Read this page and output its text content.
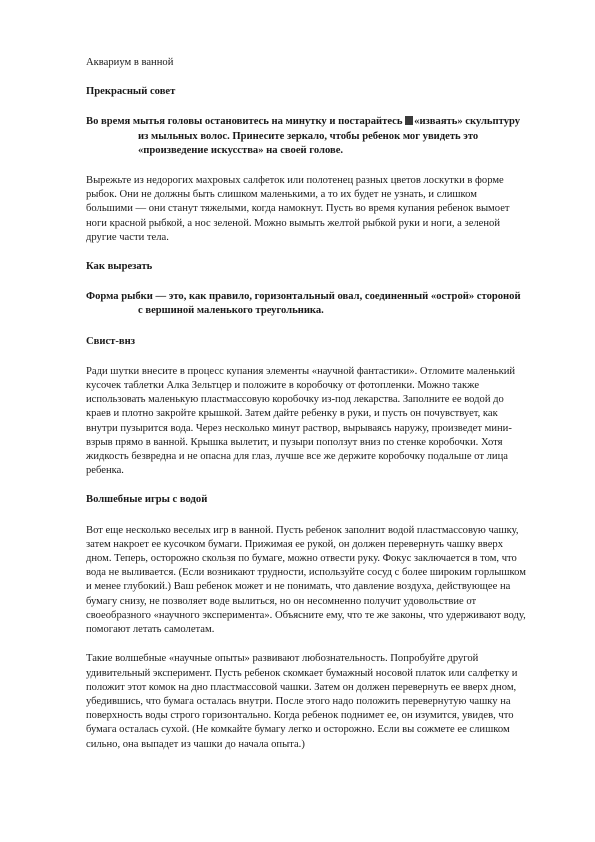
Аквариум в ванной
Прекрасный совет
Во время мытья головы остановитесь на минутку и постарайтесь «изваять» скульптуру из мыльных волос. Принесите зеркало, чтобы ребенок мог увидеть это «произведение искусства» на своей голове.
Вырежьте из недорогих махровых салфеток или полотенец разных цветов лоскутки в форме рыбок. Они не должны быть слишком маленькими, а то их будет не узнать, и слишком большими — они станут тяжелыми, когда намокнут. Пусть во время купания ребенок вымоет ноги красной рыбкой, а нос зеленой. Можно вымыть желтой рыбкой руки и ноги, а зеленой другие части тела.
Как вырезать
Форма рыбки — это, как правило, горизонтальный овал, соединенный «острой» стороной с вершиной маленького треугольника.
Свист-внз
Ради шутки внесите в процесс купания элементы «научной фантастики». Отломите маленький кусочек таблетки Алка Зельтцер и положите в коробочку от фотопленки. Можно также использовать маленькую пластмассовую коробочку из-под лекарства. Заполните ее водой до краев и плотно закройте крышкой. Затем дайте ребенку в руки, и пусть он почувствует, как внутри пузырится вода. Через несколько минут раствор, вырываясь наружу, произведет мини-взрыв прямо в ванной. Крышка вылетит, и пузыри поползут вниз по стенке коробочки. Хотя жидкость безвредна и не опасна для глаз, лучше все же держите коробочку подальше от лица ребенка.
Волшебные игры с водой
Вот еще несколько веселых игр в ванной. Пусть ребенок заполнит водой пластмассовую чашку, затем накроет ее кусочком бумаги. Прижимая ее рукой, он должен перевернуть чашку вверх дном. Теперь, осторожно скользя по бумаге, можно отвести руку. Фокус заключается в том, что вода не выливается. (Если возникают трудности, используйте сосуд с более широким горлышком и менее глубокий.) Ваш ребенок может и не понимать, что давление воздуха, действующее на бумагу снизу, не позволяет воде вылиться, но он несомненно получит удовольствие от своеобразного «научного эксперимента». Объясните ему, что те же законы, что удерживают воду, помогают летать самолетам.
Такие волшебные «научные опыты» развивают любознательность. Попробуйте другой удивительный эксперимент. Пусть ребенок скомкает бумажный носовой платок или салфетку и положит этот комок на дно пластмассовой чашки. Затем он должен перевернуть ее вверх дном, убедившись, что бумага осталась внутри. После этого надо положить перевернутую чашку на поверхность воды строго горизонтально. Когда ребенок поднимет ее, он изумится, увидев, что бумага осталась сухой. (Не комкайте бумагу легко и осторожно. Если вы сожмете ее слишком сильно, она выпадет из чашки до начала опыта.)
